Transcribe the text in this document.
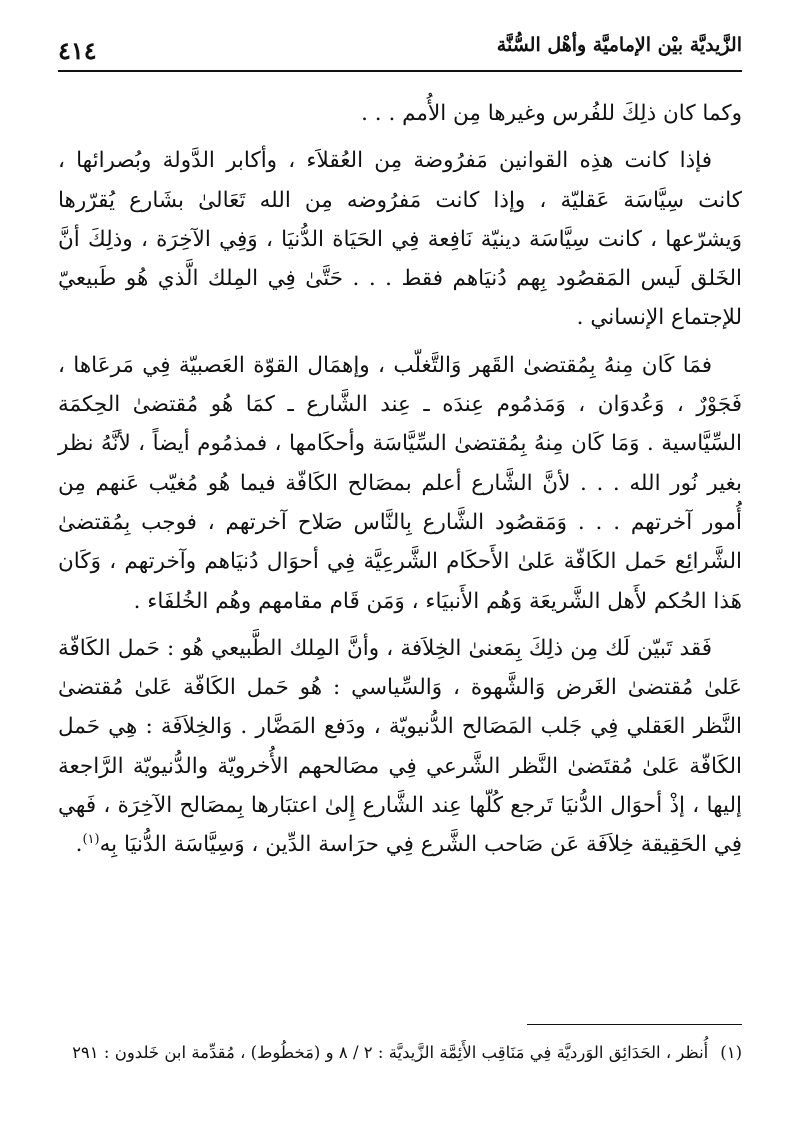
الزَّيديَّة بيْن الإماميَّة وأهْل السُّنَّة
٤١٤

وكما كان ذلِكَ للفُرس وغيرها مِن الأُمم . . .

فإذا كانت هذِه القوانين مَفرُوضة مِن العُقلاَء ، وأكابر الدَّولة وبُصرائها ، كانت سِيَّاسَة عَقليّة ، وإذا كانت مَفرُوضه مِن الله تَعَالىٰ بشَارع يُقرّرها وَيشرّعها ، كانت سِيَّاسَة دينيّة نَافِعة فِي الحَيَاة الدُّنيَا ، وَفِي الآخِرَة ، وذلِكَ أنَّ الخَلق لَيس المَقصُود بِهم دُنيَاهم فقط . . . حَتَّىٰ فِي المِلك الَّذي هُو طَبيعيّ للإجتماع الإنساني .

فمَا كَان مِنهُ بِمُقتضىٰ القَهر وَالتَّغلّب ، وإهمَال القوّة العَصبيّة فِي مَرعَاها ، فَجَوْرٌ ، وَعُدوَان ، وَمَذمُوم عِندَه ـ عِند الشَّارع ـ كمَا هُو مُقتضىٰ الحِكمَة السِّيَّاسية . وَمَا كَان مِنهُ بِمُقتضىٰ السِّيَّاسَة وأحكَامها ، فمذمُوم أيضاً ، لأنَّهُ نظر بغير نُور الله . . . لأنَّ الشَّارع أعلم بمصَالح الكَافّة فيما هُو مُغيّب عَنهم مِن أُمور آخرتهم . . . وَمَقصُود الشَّارع بِالنَّاس صَلاح آخرتهم ، فوجب بِمُقتضىٰ الشَّرائِع حَمل الكَافّة عَلىٰ الأَحكَام الشَّرعِيَّة فِي أحوَال دُنيَاهم وآخرتهم ، وَكَان هَذا الحُكم لأَهل الشَّريعَة وَهُم الأَنبيَاء ، وَمَن قَام مقامهم وهُم الخُلفَاء .

فَقد تَبيّن لَك مِن ذلِكَ بِمَعنىٰ الخِلاَفة ، وأنَّ المِلك الطَّبيعي هُو : حَمل الكَافّة عَلىٰ مُقتضىٰ الغَرض وَالشَّهوة ، وَالسِّياسي : هُو حَمل الكَافّة عَلىٰ مُقتضىٰ النَّظر العَقلي فِي جَلب المَصَالح الدُّنيويّة ، ودَفع المَضَّار . وَالخِلاَفَة : هِي حَمل الكَافّة عَلىٰ مُقتَضىٰ النَّظر الشَّرعي فِي مصَالحهم الأُخرويّة والدُّنيويّة الرَّاجعة إليها ، إذْ أحوَال الدُّنيَا تَرجع كُلّها عِند الشَّارع إِلىٰ اعتبَارها بِمصَالح الآخِرَة ، فَهي فِي الحَقِيقة خِلاَفَة عَن صَاحب الشَّرع فِي حرَاسة الدِّين ، وَسِيَّاسَة الدُّنيَا بِه$^{(١)}$.

(١)أُنظر ، الحَدَائِق الوَرديَّة فِي مَنَاقِب الأَئِمَّة الزَّيديَّة : ٢ / ٨ و (مَخطُوط) ، مُقدِّمة ابن خَلدون : ٢٩١
